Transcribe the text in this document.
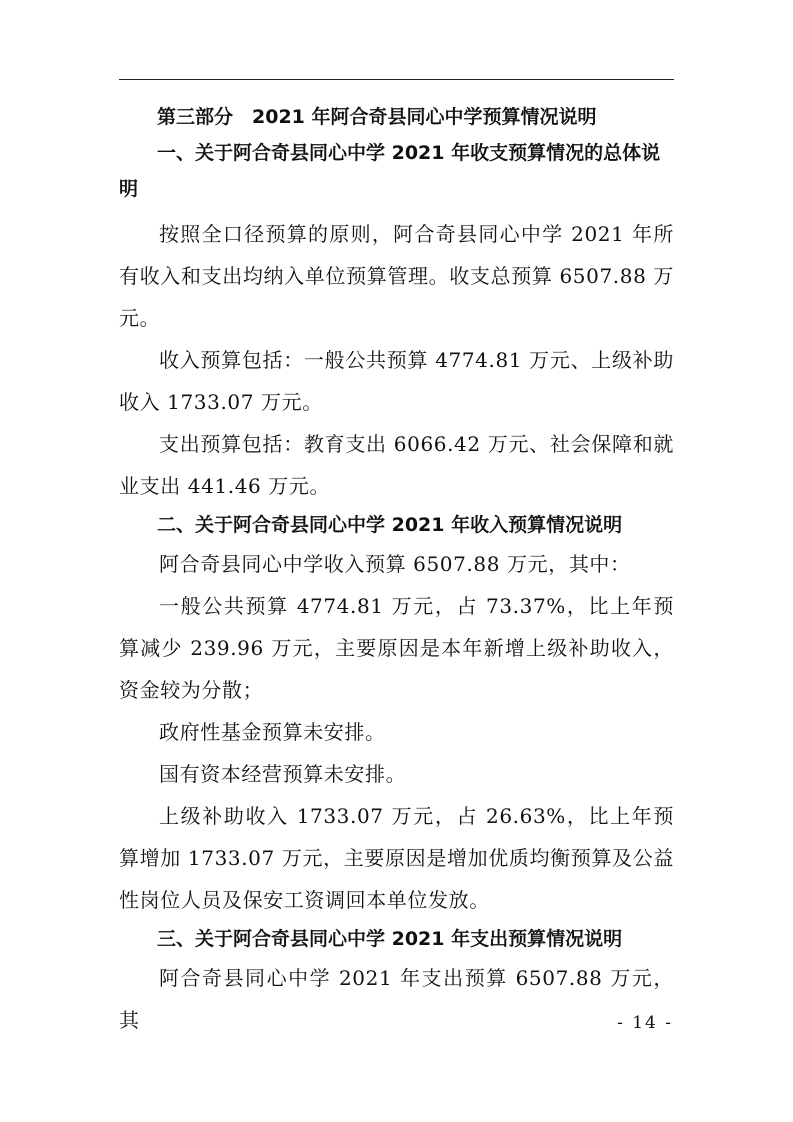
第三部分　2021 年阿合奇县同心中学预算情况说明
一、关于阿合奇县同心中学 2021 年收支预算情况的总体说明

按照全口径预算的原则，阿合奇县同心中学 2021 年所有收入和支出均纳入单位预算管理。收支总预算 6507.88 万元。

收入预算包括：一般公共预算 4774.81 万元、上级补助收入 1733.07 万元。

支出预算包括：教育支出 6066.42 万元、社会保障和就业支出 441.46 万元。

二、关于阿合奇县同心中学 2021 年收入预算情况说明

阿合奇县同心中学收入预算 6507.88 万元，其中：

一般公共预算 4774.81 万元，占 73.37%，比上年预算减少 239.96 万元，主要原因是本年新增上级补助收入，资金较为分散；

政府性基金预算未安排。

国有资本经营预算未安排。

上级补助收入 1733.07 万元，占 26.63%，比上年预算增加 1733.07 万元，主要原因是增加优质均衡预算及公益性岗位人员及保安工资调回本单位发放。

三、关于阿合奇县同心中学 2021 年支出预算情况说明

阿合奇县同心中学 2021 年支出预算 6507.88 万元，其	- 14 -
